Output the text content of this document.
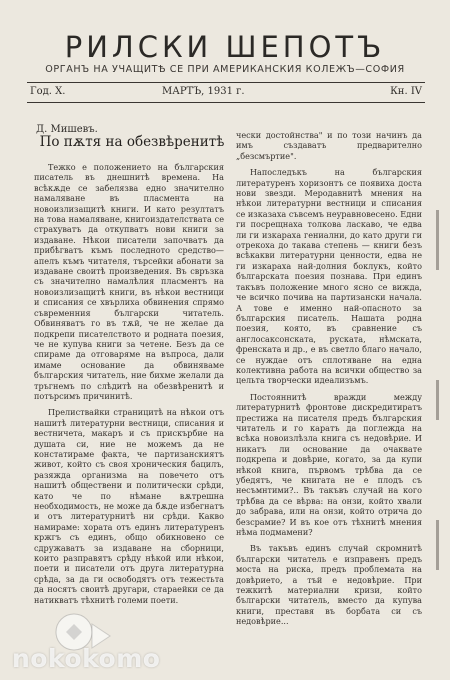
РИЛСКИ ШЕПОТЪ
ОРГАНЪ НА УЧАЩИТѢ СЕ ПРИ АМЕРИКАНСКИЯ КОЛЕЖЪ—СОФИЯ
Год. X.	МАРТЪ, 1931 г.	Кн. IV
Д. Мишевъ.
По пѫтя на обезвѣренитѣ

Тежко е положението на българския писатель въ днешнитѣ времена. На всѣкѫде се забелязва едно значително намаляване въ пласмента на новоизлизащитѣ книги. И като резултатъ на това намаляване, книгоиздателствата се страхуватъ да откупватъ нови книги за издаване. Нѣкои писатели започватъ да прибѣгватъ къмъ последното средство—апелъ къмъ читателя, търсейки абонати за издаване своитѣ произведения. Въ свръзка съ значително намалѣлия пласментъ на новоизлизащитѣ книги, въ нѣкои вестници и списания се хвърлиха обвинения спрямо съвременния български читатель. Обвиняватъ го въ тѫй, че не желае да подкрепи писателството и родната поезия, че не купува книги за четене. Безъ да се спираме да отговаряме на въпроса, дали имаме основание да обвиняваме българския читатель, ние бихме желали да тръгнемъ по слѣдитѣ на обезвѣренитѣ и потърсимъ причинитѣ.

Прелиствайки страницитѣ на нѣкои отъ нашитѣ литературни вестници, списания и вестничета, макаръ и съ прискърбие на душата си, ние не можемъ да не констатираме факта, че партизанскиятъ живот, който съ своя хроническия бацилъ, разяжда организма на повечето отъ нашитѣ обществени и политически срѣди, като че по нѣмане вѫтрешна необходимость, не може да бѫде избегнатъ и отъ литературнитѣ ни срѣди. Какво намираме: хората отъ единъ литературенъ кржгъ съ единъ, общо обикновено се сдружаватъ за издаване на сборници, които разправятъ срѣду нѣкой или нѣкои, поети и писатели отъ друга литературна срѣда, за да ги освободятъ отъ тежестьта да носятъ своитѣ другари, стараейки се да натикватъ тѣхнитѣ големи поети.

чески достойнства" и по този начинъ да имъ създаватъ предварително „безсмъртие".

Напоследъкъ на българския литературенъ хоризонтъ се появиха доста нови звезди. Меродавнитѣ мнения на нѣкои литературни вестници и списания се изказаха съвсемъ неуравновесено. Едни ги посрещнаха толкова ласкаво, че едва ли ги изкараха гениални, до като други ги отрекоха до такава степень — книги безъ всѣкакви литературни ценности, едва не ги изкараха най-долния боклукъ, който българската поезия познава. При единъ такъвъ положение много ясно се вижда, че всичко почива на партизански начала. А тове е именно най-опасното за българския писатель. Нашата родна поезия, която, въ сравнение съ англосаксонската, руската, нѣмската, френската и др., е въ светло благо начало, се нуждае отъ сплотяване на една колективна работа на всички общество за цельта творчески идеализъмъ.

Постояннитѣ вражди между литературнитѣ фронтове дискредитиратъ престижа на писателя предъ българския читатель и го каратъ да поглежда на всѣка новоизлѣзла книга съ недовѣрие. И никатъ ли основание да очаквате подкрепа и довѣрие, когато, за да купи нѣкой книга, първомъ трѣбва да се убедятъ, че книгата не е плодъ съ несъмнтими?.. Въ такъвъ случай на кого трѣбва да се вѣрва: на онзи, който хвали до забрава, или на онзи, който отрича до безсрамие? И въ кое отъ тѣхнитѣ мнения нѣма подмамени?

Въ такъвъ единъ случай скромнитѣ български читатель е изправенъ предъ моста на риска, предъ проблемата на довѣрието, а тъй е недовѣрие. При тежкитѣ материални кризи, който български читатель, вместо да купува книги, преставя въ борбата си съ недовѣрие...

nokokomo
